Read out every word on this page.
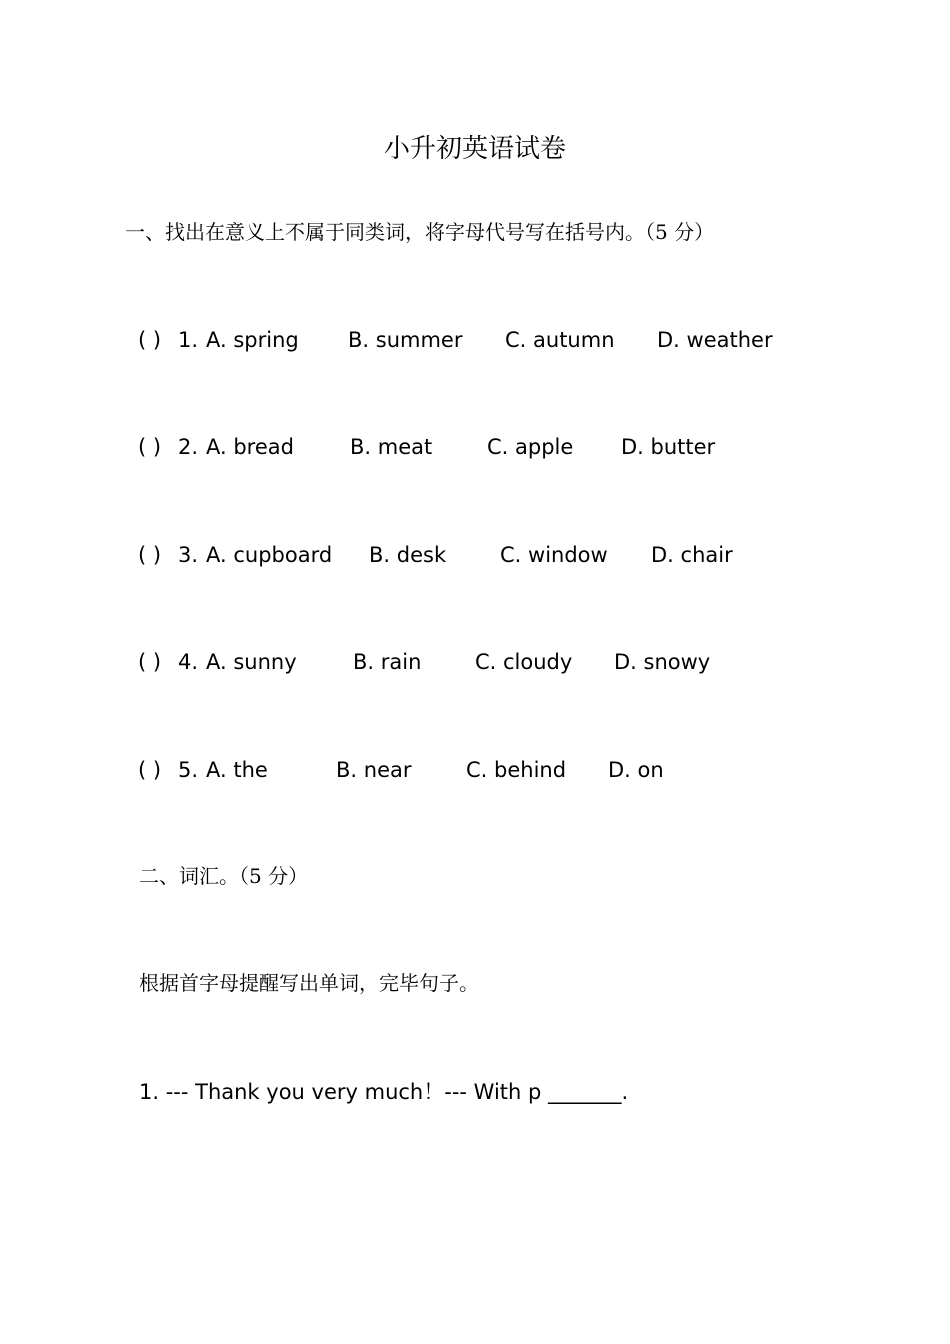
小升初英语试卷
一、找出在意义上不属于同类词，将字母代号写在括号内。（5 分）
( ) 1. A. spring B. summer C. autumn D. weather
( ) 2. A. bread	B. meat	C. apple D. butter
( ) 3. A. cupboard B. desk	C. window D. chair
( ) 4. A. sunny	B. rain	C. cloudy D. snowy
( ) 5. A. the	B. near	C. behind D. on
二、词汇。（5 分）
根据首字母提醒写出单词，完毕句子。
1. --- Thank you very much！--- With p _______.
